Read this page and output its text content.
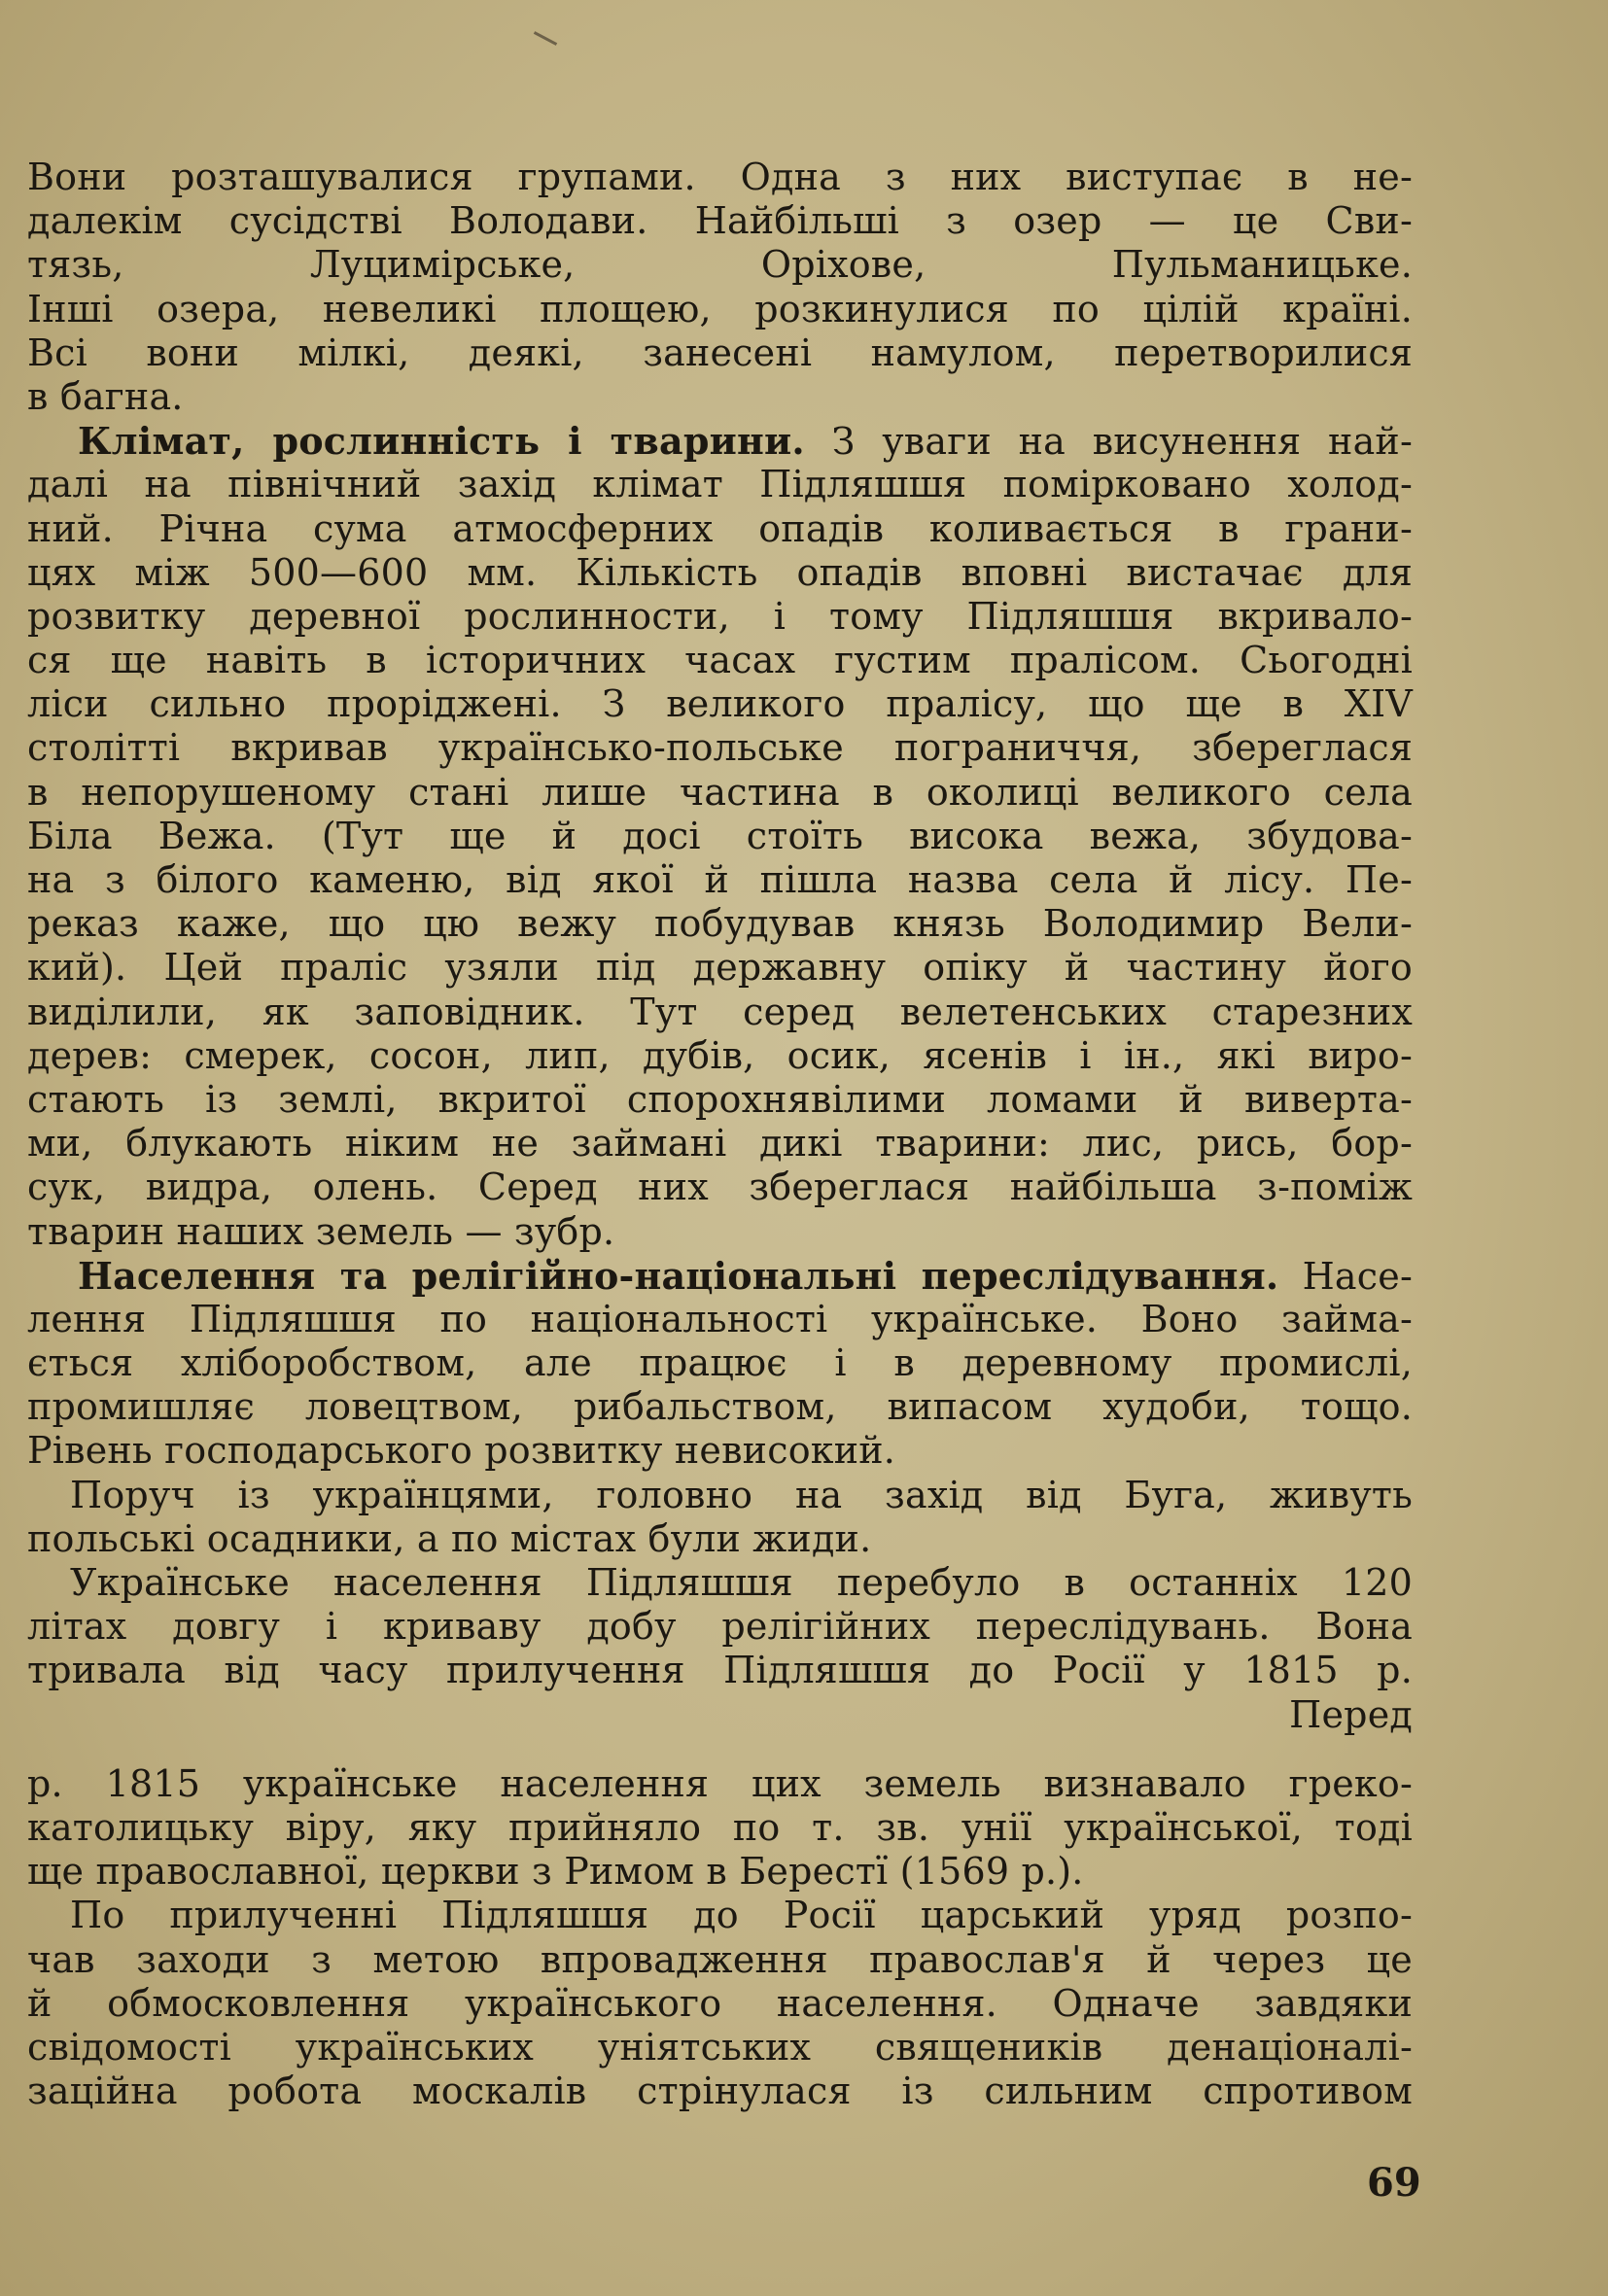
Вони розташувалися групами. Одна з них виступає в не-
далекім сусідстві Володави. Найбільші з озер — це Сви-
тязь, Луцимірське, Оріхове, Пульманицьке.
Інші озера, невеликі площею, розкинулися по цілій країні.
Всі вони мілкі, деякі, занесені намулом, перетворилися
в багна.
Клімат, рослинність і тварини. З уваги на висунення най-
далі на північний захід клімат Підляшшя помірковано холод-
ний. Річна сума атмосферних опадів коливається в грани-
цях між 500—600 мм. Кількість опадів вповні вистачає для
розвитку деревної рослинности, і тому Підляшшя вкривало-
ся ще навіть в історичних часах густим пралісом. Сьогодні
ліси сильно проріджені. З великого пралісу, що ще в XIV
столітті вкривав українсько-польське пограниччя, збереглася
в непорушеному стані лише частина в околиці великого села
Біла Вежа. (Тут ще й досі стоїть висока вежа, збудова-
на з білого каменю, від якої й пішла назва села й лісу. Пе-
реказ каже, що цю вежу побудував князь Володимир Вели-
кий). Цей праліс узяли під державну опіку й частину його
виділили, як заповідник. Тут серед велетенських старезних
дерев: смерек, сосон, лип, дубів, осик, ясенів і ін., які виро-
стають із землі, вкритої спорохнявілими ломами й виверта-
ми, блукають ніким не займані дикі тварини: лис, рись, бор-
сук, видра, олень. Серед них збереглася найбільша з-поміж
тварин наших земель — зубр.
Населення та релігійно-національні переслідування. Насе-
лення Підляшшя по національності українське. Воно займа-
ється хліборобством, але працює і в деревному промислі,
промишляє ловецтвом, рибальством, випасом худоби, тощо.
Рівень господарського розвитку невисокий.
Поруч із українцями, головно на захід від Буга, живуть
польські осадники, а по містах були жиди.
Українське населення Підляшшя перебуло в останніх 120
літах довгу і криваву добу релігійних переслідувань. Вона
тривала від часу прилучення Підляшшя до Росії у 1815 р.
Перед
р. 1815 українське населення цих земель визнавало греко-
католицьку віру, яку прийняло по т. зв. унії української, тоді
ще православної, церкви з Римом в Берестї (1569 р.).
По прилученні Підляшшя до Росії царський уряд розпо-
чав заходи з метою впровадження православ'я й через це
й обмосковлення українського населення. Одначе завдяки
свідомості українських уніятських священиків денаціоналі-
заційна робота москалів стрінулася із сильним спротивом
69
